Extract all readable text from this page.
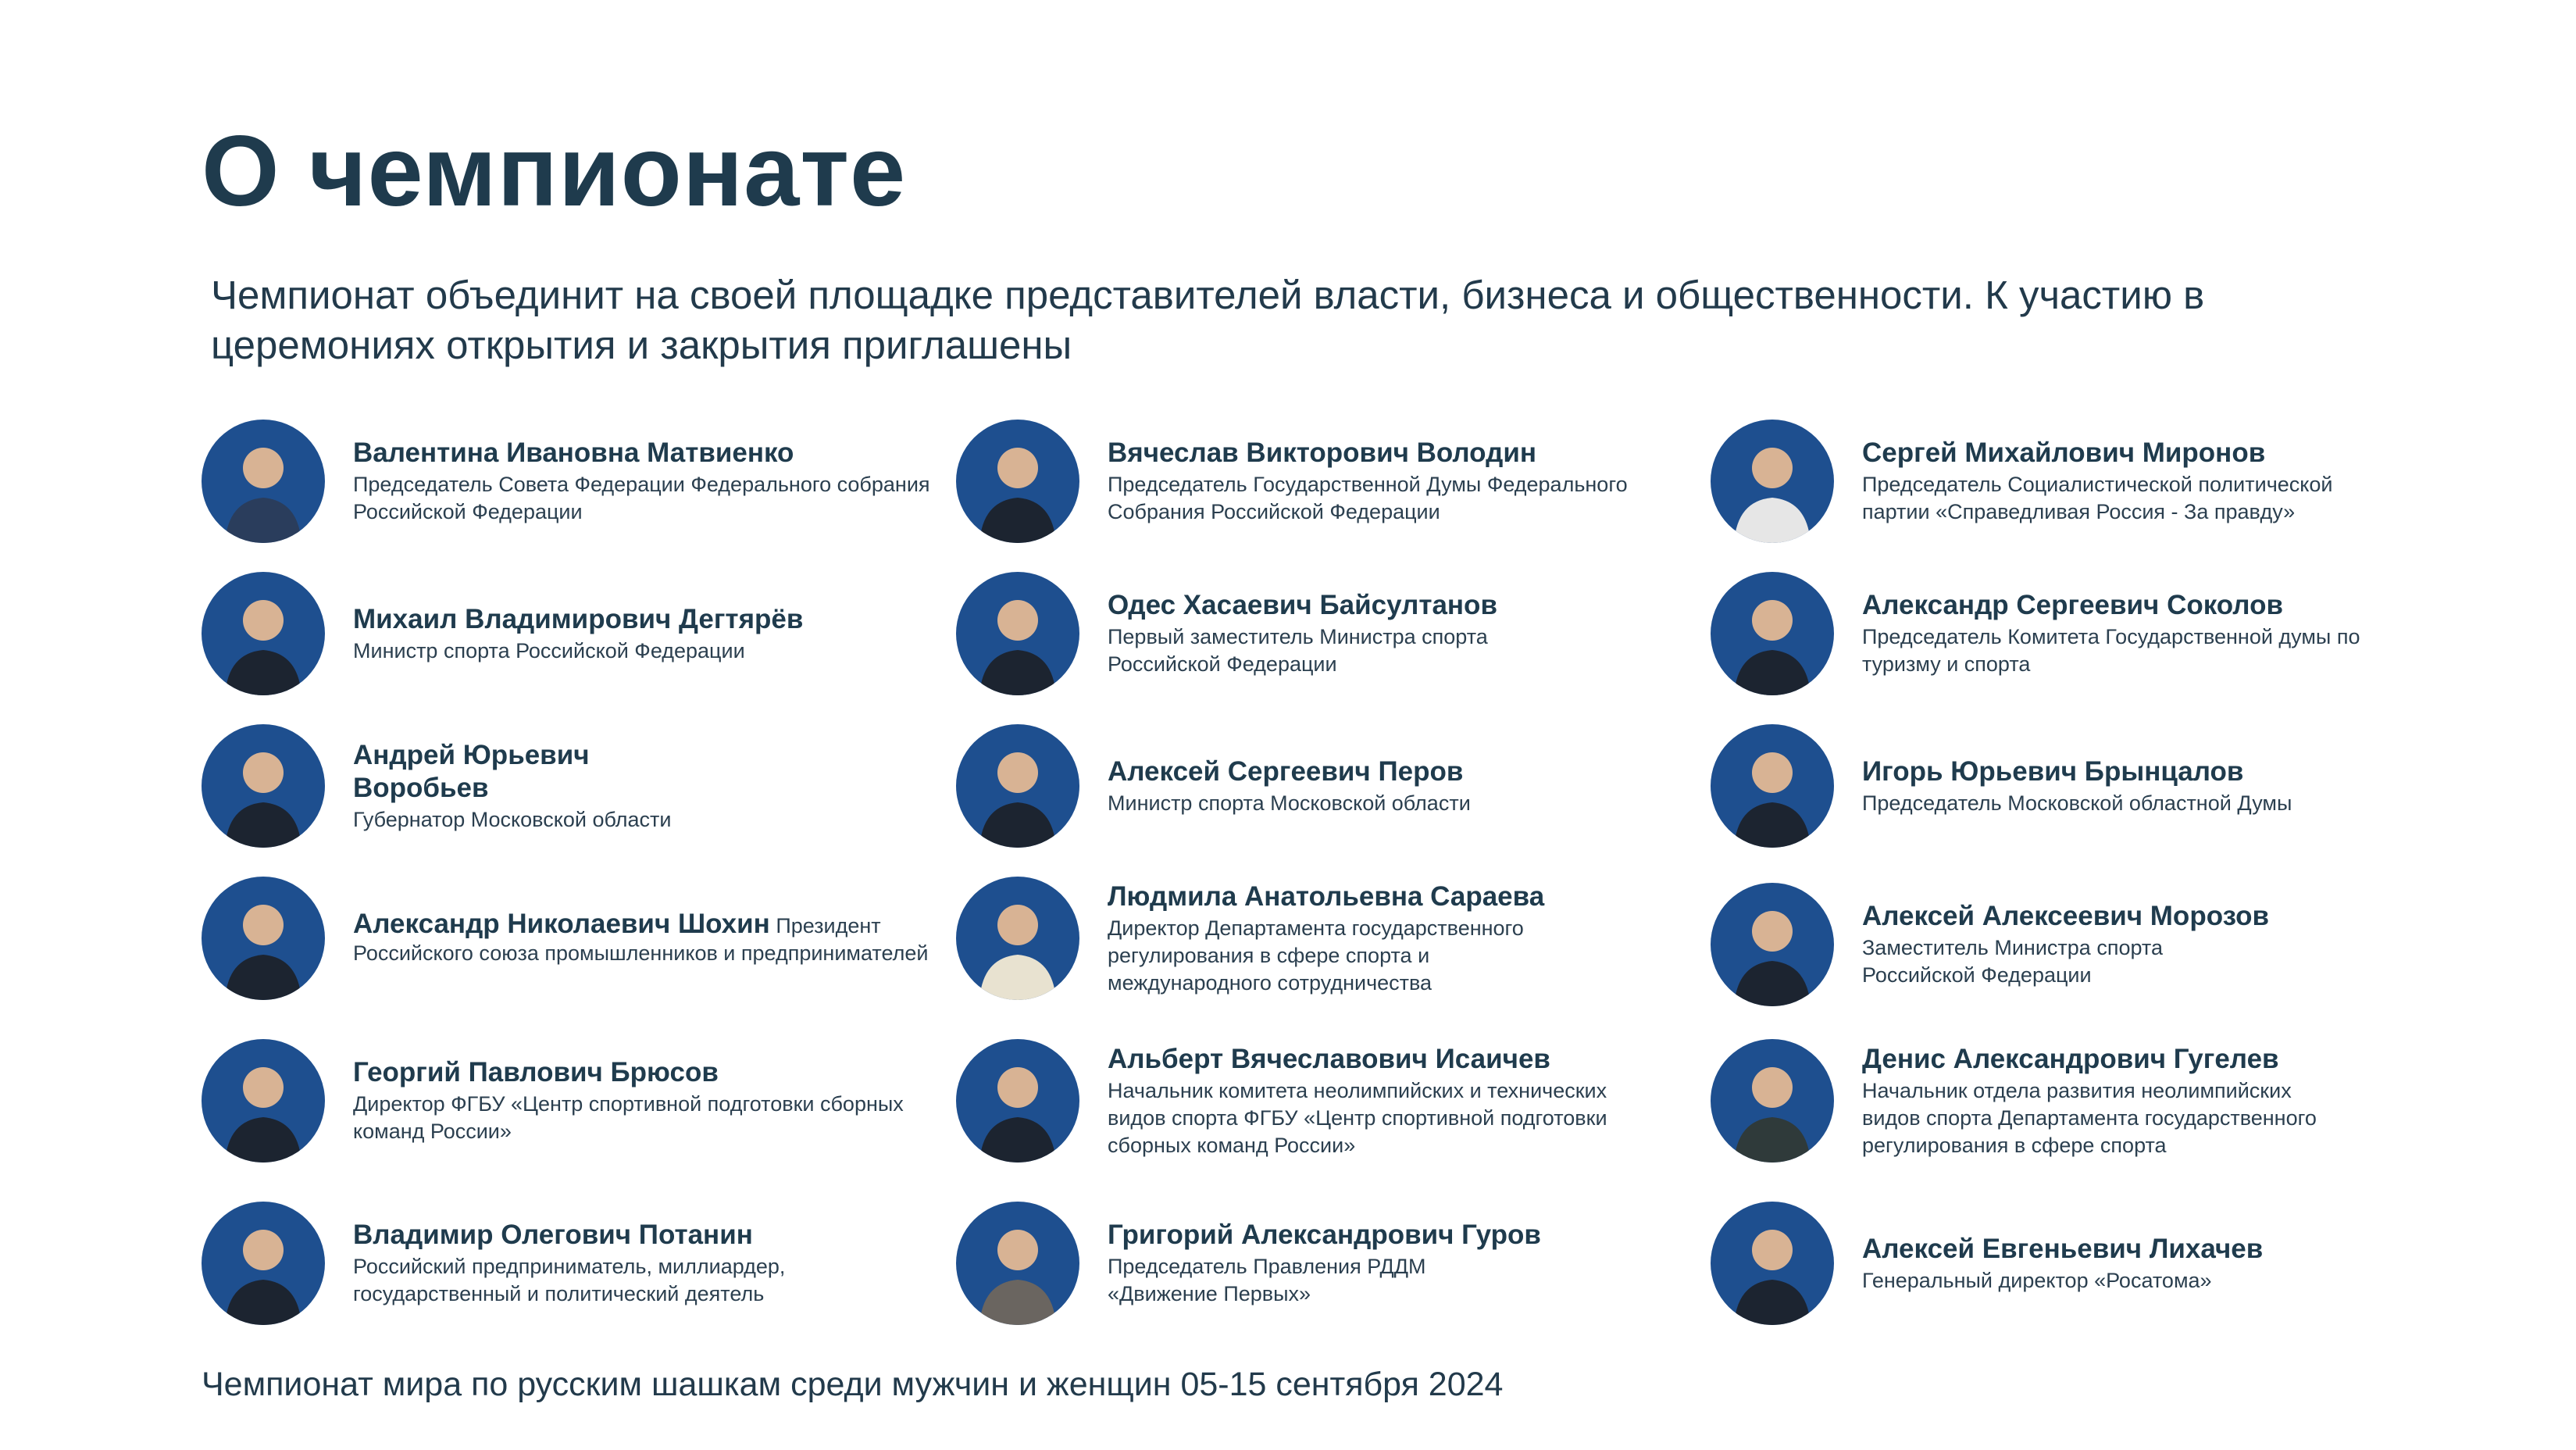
О чемпионате
Чемпионат объединит на своей площадке представителей власти, бизнеса и общественности. К участию в церемониях открытия и закрытия приглашены
Валентина Ивановна Матвиенко
Председатель Совета Федерации Федерального собрания Российской Федерации
Михаил Владимирович Дегтярёв
Министр спорта Российской Федерации
Андрей Юрьевич Воробьев
Губернатор Московской области
Александр Николаевич Шохин Президент Российского союза промышленников и предпринимателей
Георгий Павлович Брюсов
Директор ФГБУ «Центр спортивной подготовки сборных команд России»
Владимир Олегович Потанин
Российский предприниматель, миллиардер, государственный и политический деятель
Вячеслав Викторович Володин
Председатель Государственной Думы Федерального Собрания Российской Федерации
Одес Хасаевич Байсултанов
Первый заместитель Министра спорта Российской Федерации
Алексей Сергеевич Перов
Министр спорта Московской области
Людмила Анатольевна Сараева
Директор Департамента государственного регулирования в сфере спорта и международного сотрудничества
Альберт Вячеславович Исаичев
Начальник комитета неолимпийских и технических видов спорта ФГБУ «Центр спортивной подготовки сборных команд России»
Григорий Александрович Гуров
Председатель Правления РДДМ «Движение Первых»
Сергей Михайлович Миронов
Председатель Социалистической политической партии «Справедливая Россия - За правду»
Александр Сергеевич Соколов
Председатель Комитета Государственной думы по туризму и спорта
Игорь Юрьевич Брынцалов
Председатель Московской областной Думы
Алексей Алексеевич Морозов
Заместитель Министра спорта Российской Федерации
Денис Александрович Гугелев
Начальник отдела развития неолимпийских видов спорта Департамента государственного регулирования в сфере спорта
Алексей Евгеньевич Лихачев
Генеральный директор «Росатома»
Чемпионат мира по русским шашкам среди мужчин и женщин 05-15 сентября 2024
